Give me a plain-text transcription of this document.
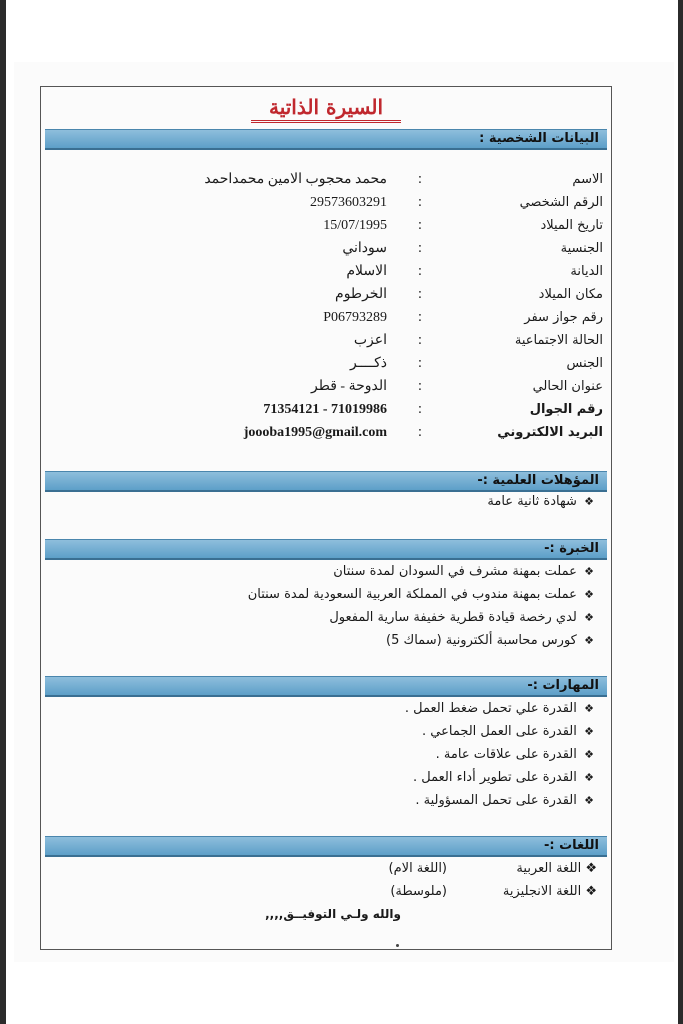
السيرة الذاتية
البيانات الشخصية :
الاسم
:
محمد محجوب الامين محمداحمد
الرقم الشخصي
:
29573603291
تاريخ الميلاد
:
15/07/1995
الجنسية
:
سوداني
الديانة
:
الاسلام
مكان الميلاد
:
الخرطوم
رقم جواز سفر
:
P06793289
الحالة الاجتماعية
:
اعزب
الجنس
:
ذكــــر
عنوان الحالي
:
الدوحة - قطر
رقم الجوال
:
71019986 - 71354121
البريد الالكتروني
:
joooba1995@gmail.com
المؤهلات العلمية :-
❖ شهادة ثانية عامة
الخبرة :-
❖ عملت بمهنة مشرف في السودان لمدة سنتان
❖ عملت بمهنة مندوب في المملكة العربية السعودية لمدة سنتان
❖ لدي رخصة قيادة قطرية خفيفة سارية المفعول
❖ كورس محاسبة ألكترونية (سماك 5)
المهارات :-
❖ القدرة علي تحمل ضغط العمل .
❖ القدرة على العمل الجماعي .
❖ القدرة على علاقات عامة .
❖ القدرة على تطوير أداء العمل .
❖ القدرة على تحمل المسؤولية .
اللغات :-
❖ اللغة العربية
(اللغة الام)
❖ اللغة الانجليزية
(ملوسطة)
والله ولـي التوفيــق,,,,
